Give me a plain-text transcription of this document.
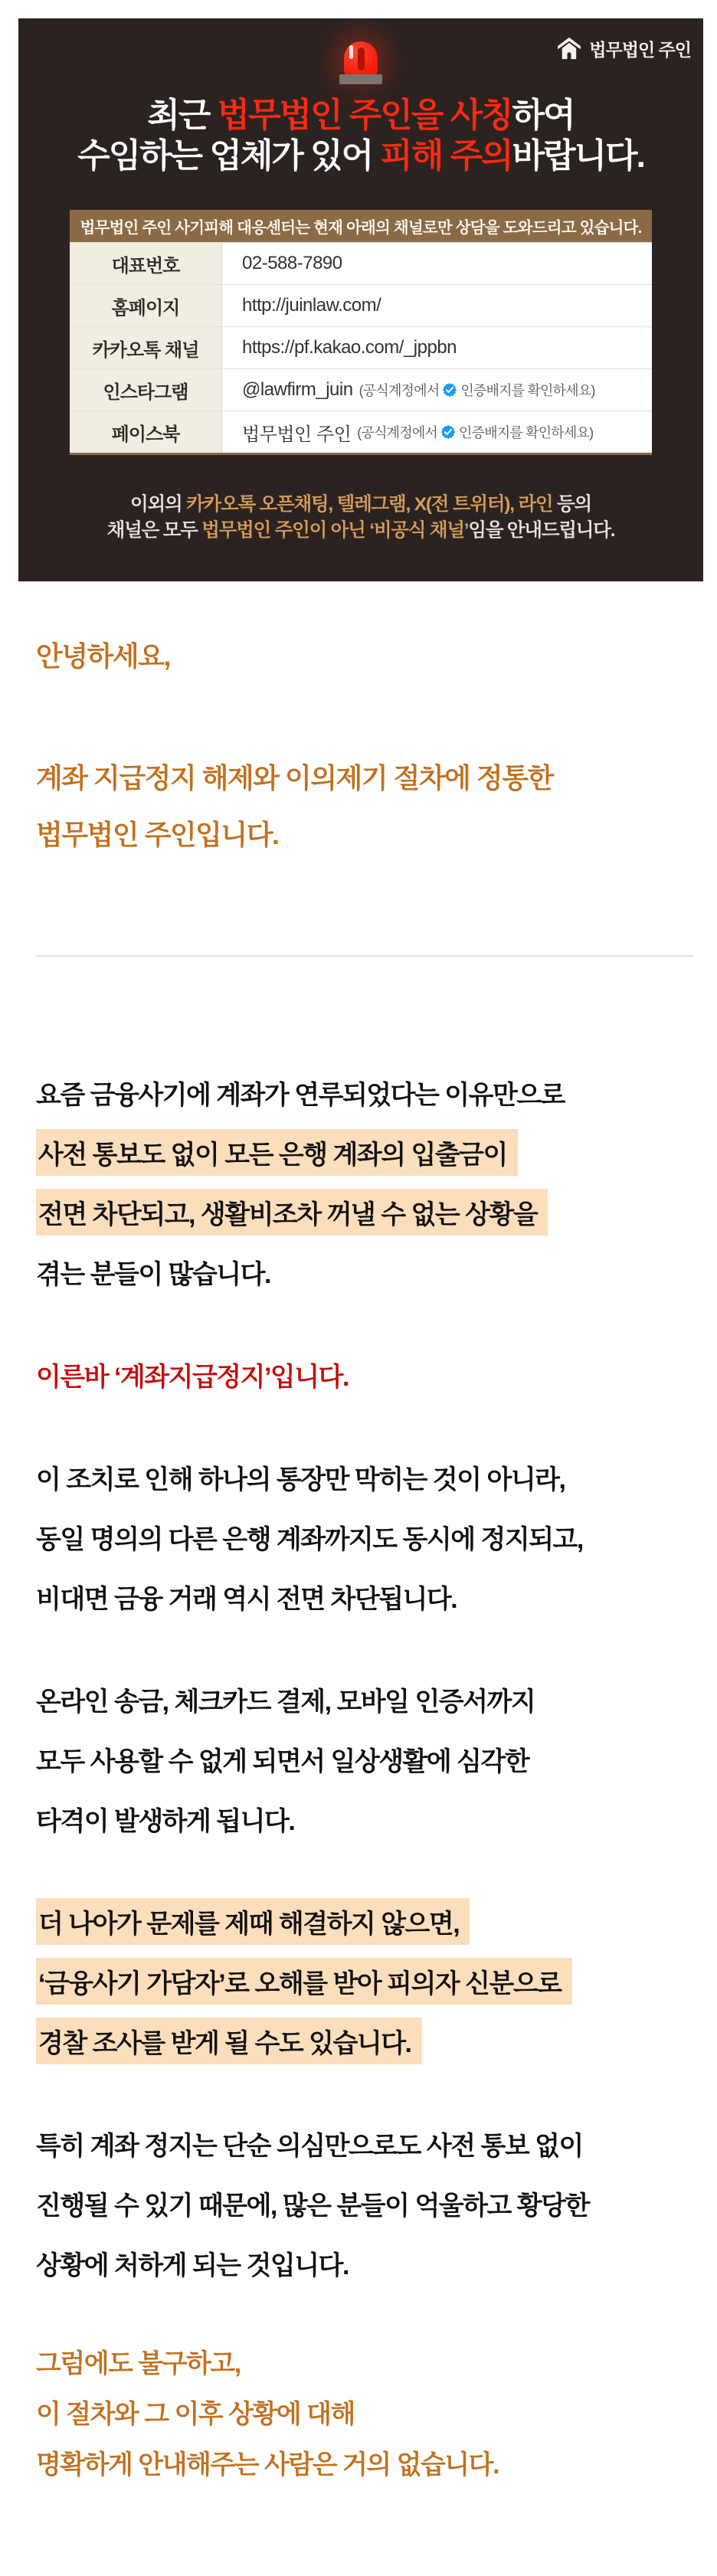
법무법인 주인
최근 법무법인 주인을 사칭하여
수임하는 업체가 있어 피해 주의바랍니다.
법무법인 주인 사기피해 대응센터는 현재 아래의 채널로만 상담을 도와드리고 있습니다.
대표번호	02-588-7890
홈페이지	http://juinlaw.com/
카카오톡 채널	https://pf.kakao.com/_jppbn
인스타그램	@lawfirm_juin (공식계정에서 인증배지를 확인하세요)
페이스북	법무법인 주인 (공식계정에서 인증배지를 확인하세요)
이외의 카카오톡 오픈채팅, 텔레그램, X(전 트위터), 라인 등의
채널은 모두 법무법인 주인이 아닌 ‘비공식 채널’임을 안내드립니다.
안녕하세요,
계좌 지급정지 해제와 이의제기 절차에 정통한
법무법인 주인입니다.
요즘 금융사기에 계좌가 연루되었다는 이유만으로
사전 통보도 없이 모든 은행 계좌의 입출금이
전면 차단되고, 생활비조차 꺼낼 수 없는 상황을
겪는 분들이 많습니다.
이른바 ‘계좌지급정지’입니다.
이 조치로 인해 하나의 통장만 막히는 것이 아니라,
동일 명의의 다른 은행 계좌까지도 동시에 정지되고,
비대면 금융 거래 역시 전면 차단됩니다.
온라인 송금, 체크카드 결제, 모바일 인증서까지
모두 사용할 수 없게 되면서 일상생활에 심각한
타격이 발생하게 됩니다.
더 나아가 문제를 제때 해결하지 않으면,
‘금융사기 가담자’로 오해를 받아 피의자 신분으로
경찰 조사를 받게 될 수도 있습니다.
특히 계좌 정지는 단순 의심만으로도 사전 통보 없이
진행될 수 있기 때문에, 많은 분들이 억울하고 황당한
상황에 처하게 되는 것입니다.
그럼에도 불구하고,
이 절차와 그 이후 상황에 대해
명확하게 안내해주는 사람은 거의 없습니다.
